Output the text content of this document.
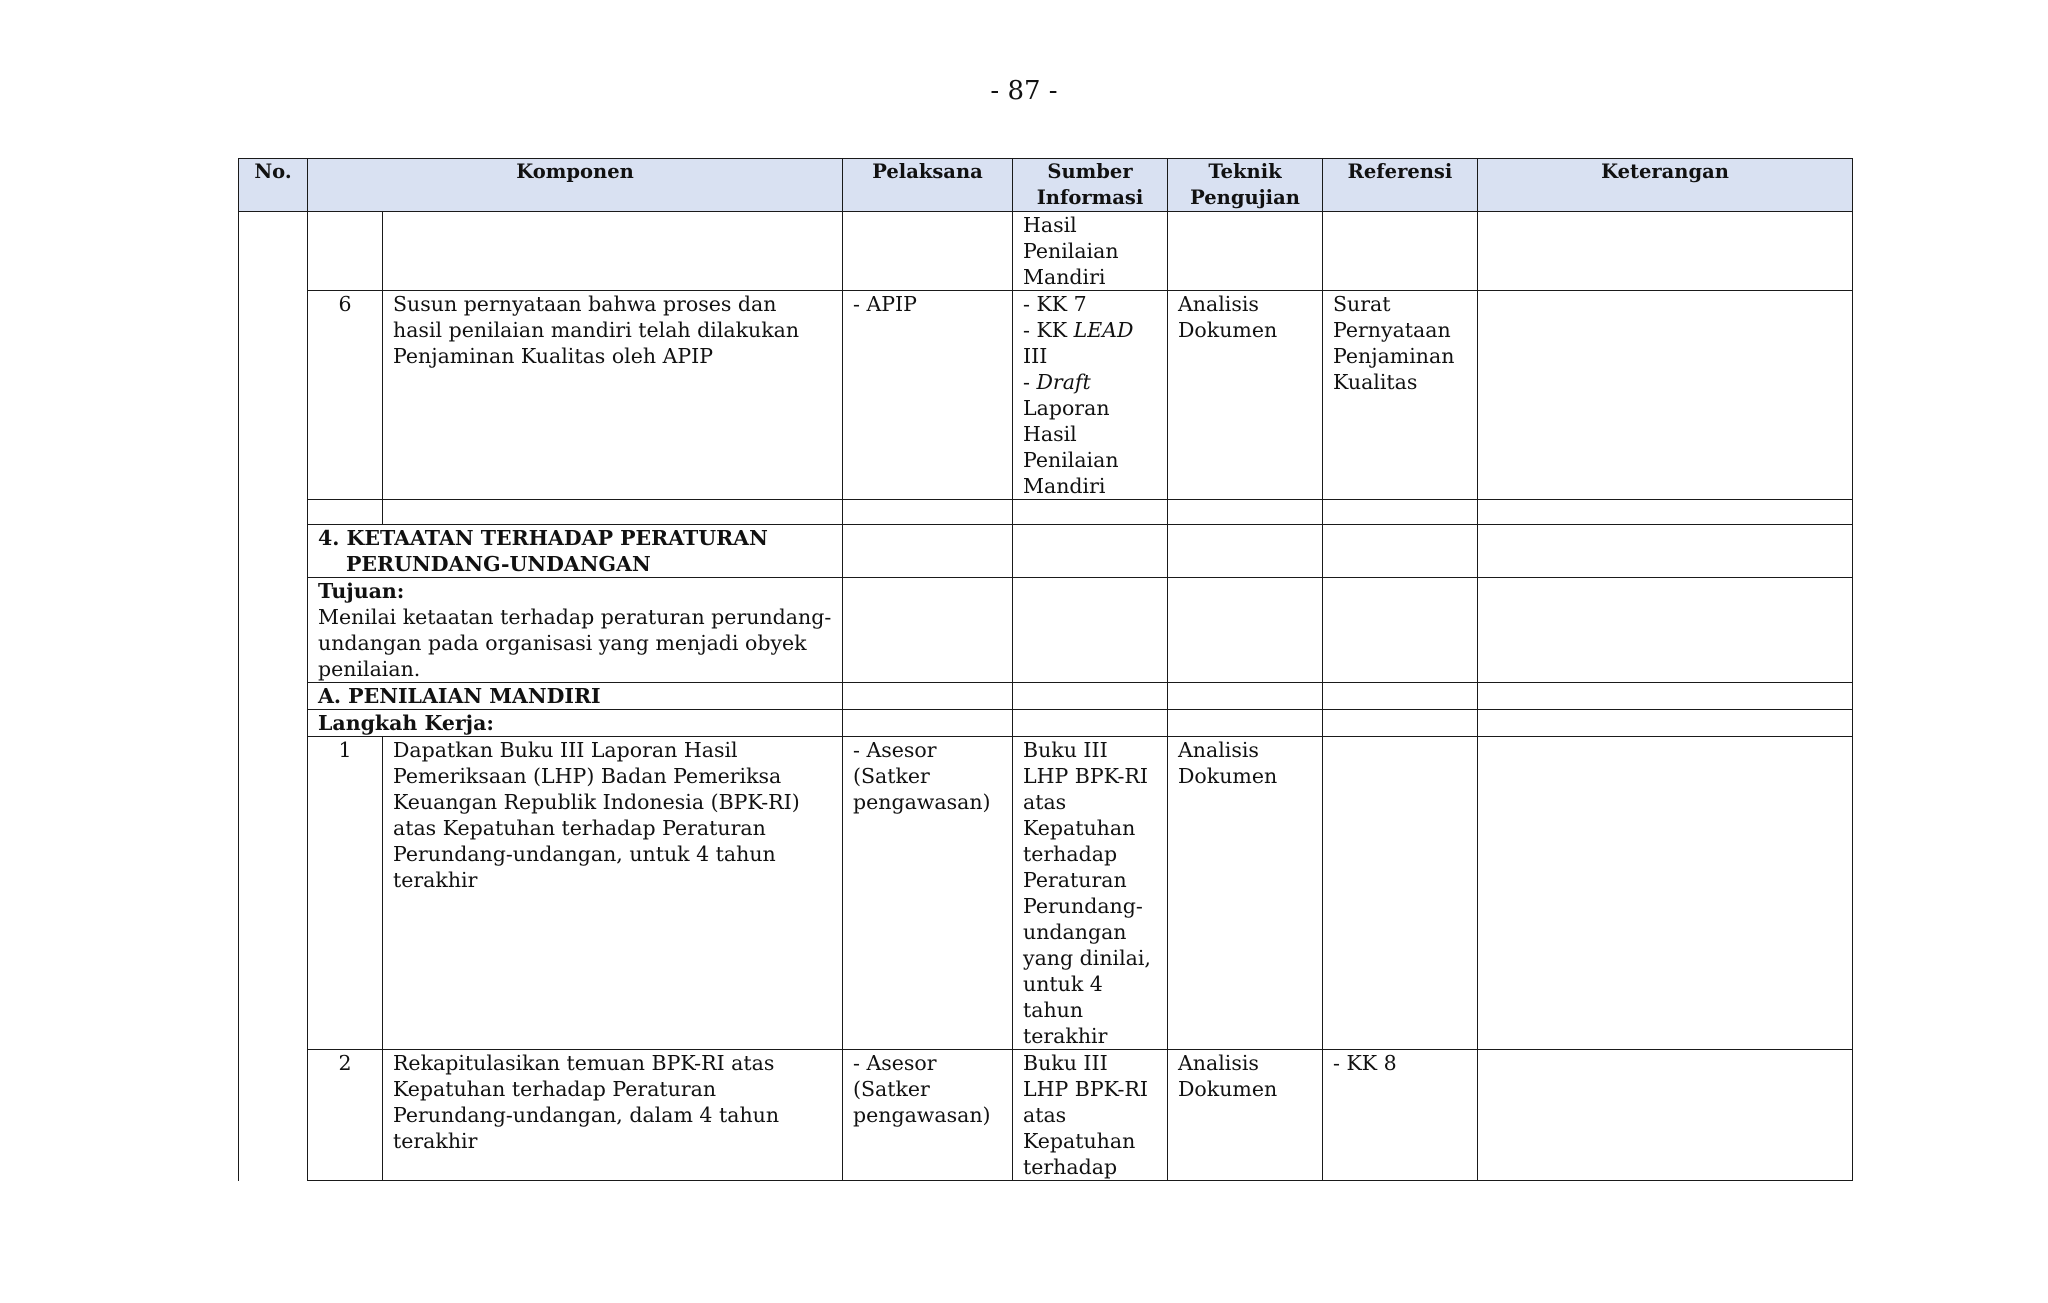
- 87 -
No.	Komponen		Pelaksana	Sumber Informasi	Teknik Pengujian	Referensi	Keterangan

				Hasil
Penilaian
Mandiri			

	6	Susun pernyataan bahwa proses dan hasil penilaian mandiri telah dilakukan Penjaminan Kualitas oleh APIP	- APIP	- KK 7
- KK LEAD
III
- Draft
Laporan Hasil Penilaian Mandiri	Analisis Dokumen	Surat Pernyataan Penjaminan Kualitas	

	4. KETAATAN TERHADAP PERATURAN
PERUNDANG-UNDANGAN						

	Tujuan:
Menilai ketaatan terhadap peraturan perundang-undangan pada organisasi yang menjadi obyek penilaian.						

	A. PENILAIAN MANDIRI						
	Langkah Kerja:						
	1	Dapatkan Buku III Laporan Hasil Pemeriksaan (LHP) Badan Pemeriksa Keuangan Republik Indonesia (BPK-RI) atas Kepatuhan terhadap Peraturan Perundang-undangan, untuk 4 tahun terakhir	- Asesor (Satker pengawasan)	Buku III LHP BPK-RI atas Kepatuhan terhadap Peraturan Perundang-undangan yang dinilai, untuk 4 tahun terakhir	Analisis Dokumen		
	2	Rekapitulasikan temuan BPK-RI atas Kepatuhan terhadap Peraturan Perundang-undangan, dalam 4 tahun terakhir	- Asesor (Satker pengawasan)	Buku III LHP BPK-RI atas Kepatuhan terhadap	Analisis Dokumen	- KK 8	
